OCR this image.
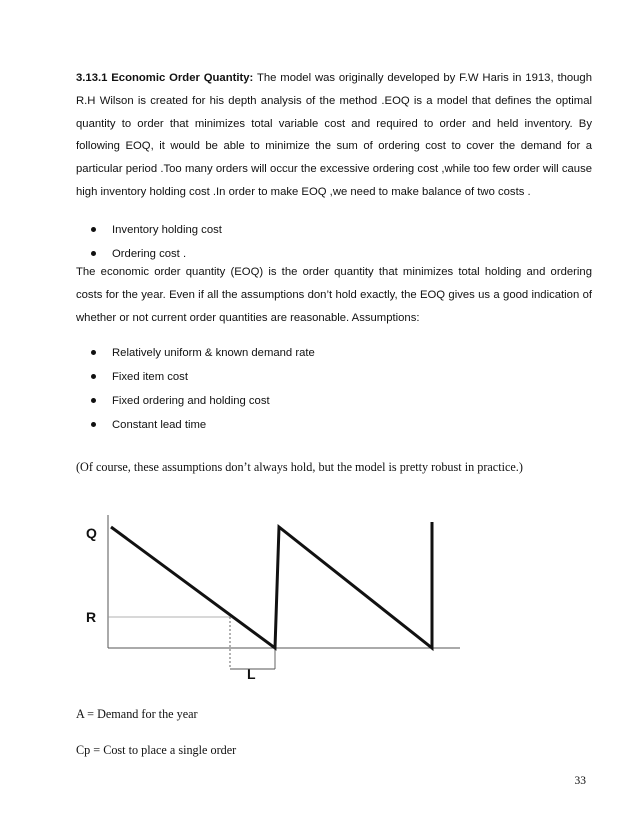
3.13.1 Economic Order Quantity: The model was originally developed by F.W Haris in 1913, though R.H Wilson is created for his depth analysis of the method .EOQ is a model that defines the optimal quantity to order that minimizes total variable cost and required to order and held inventory. By following EOQ, it would be able to minimize the sum of ordering cost to cover the demand for a particular period .Too many orders will occur the excessive ordering cost ,while too few order will cause high inventory holding cost .In order to make EOQ ,we need to make balance of two costs .

Inventory holding cost
Ordering cost .

The economic order quantity (EOQ) is the order quantity that minimizes total holding and ordering costs for the year. Even if all the assumptions don’t hold exactly, the EOQ gives us a good indication of whether or not current order quantities are reasonable. Assumptions:

Relatively uniform & known demand rate
Fixed item cost
Fixed ordering and holding cost
Constant lead time

(Of course, these assumptions don’t always hold, but the model is pretty robust in practice.)

Q
R
L

A = Demand for the year

Cp = Cost to place a single order

33
